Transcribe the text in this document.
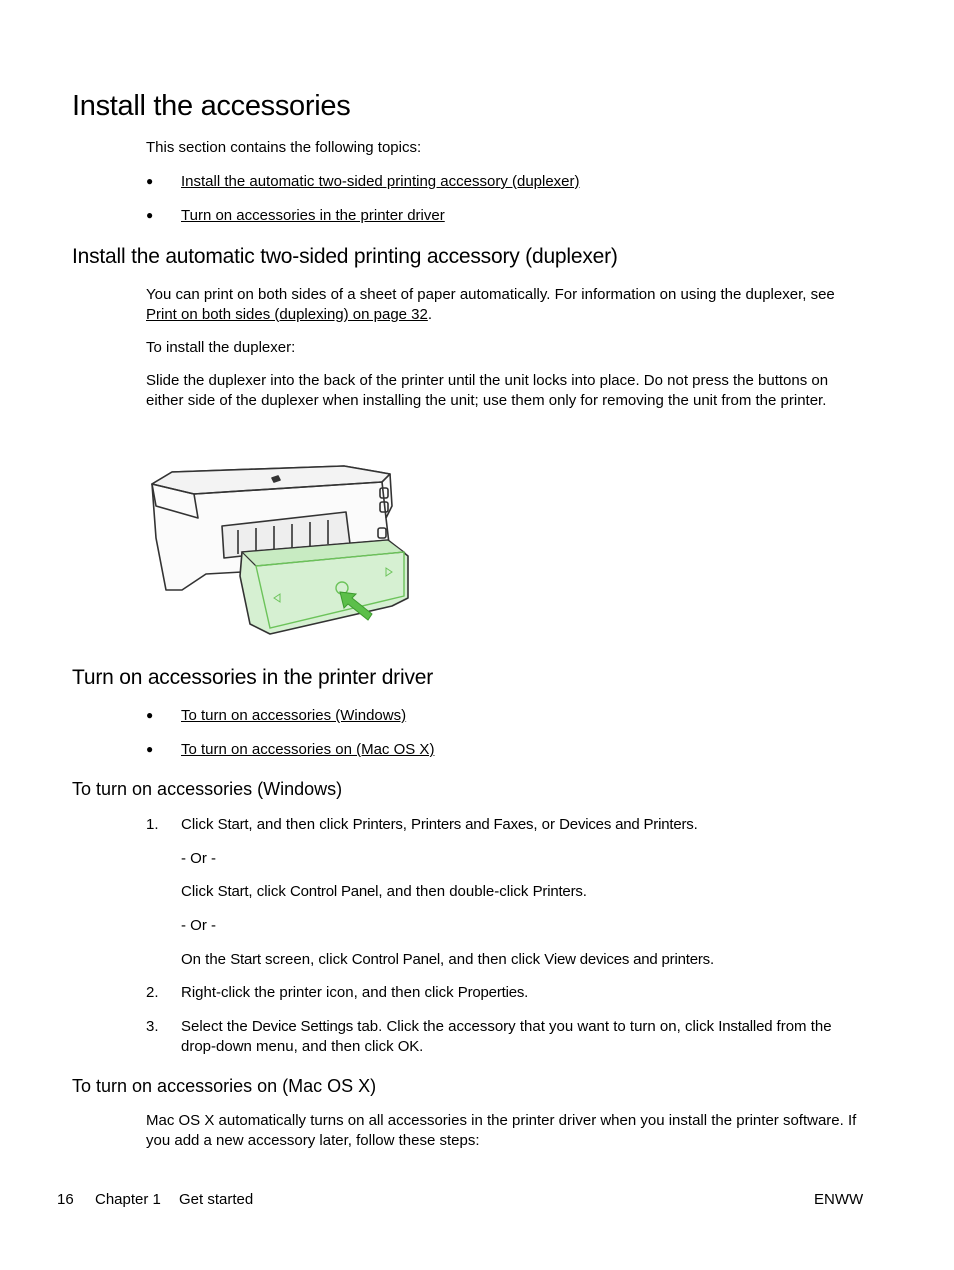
Install the accessories
This section contains the following topics:
● Install the automatic two-sided printing accessory (duplexer)
● Turn on accessories in the printer driver
Install the automatic two-sided printing accessory (duplexer)
You can print on both sides of a sheet of paper automatically. For information on using the duplexer, see Print on both sides (duplexing) on page 32.
To install the duplexer:
Slide the duplexer into the back of the printer until the unit locks into place. Do not press the buttons on either side of the duplexer when installing the unit; use them only for removing the unit from the printer.
Turn on accessories in the printer driver
● To turn on accessories (Windows)
● To turn on accessories on (Mac OS X)
To turn on accessories (Windows)
1. Click Start, and then click Printers, Printers and Faxes, or Devices and Printers.
- Or -
Click Start, click Control Panel, and then double-click Printers.
- Or -
On the Start screen, click Control Panel, and then click View devices and printers.
2. Right-click the printer icon, and then click Properties.
3. Select the Device Settings tab. Click the accessory that you want to turn on, click Installed from the drop-down menu, and then click OK.
To turn on accessories on (Mac OS X)
Mac OS X automatically turns on all accessories in the printer driver when you install the printer software. If you add a new accessory later, follow these steps:
16 Chapter 1 Get started	ENWW
